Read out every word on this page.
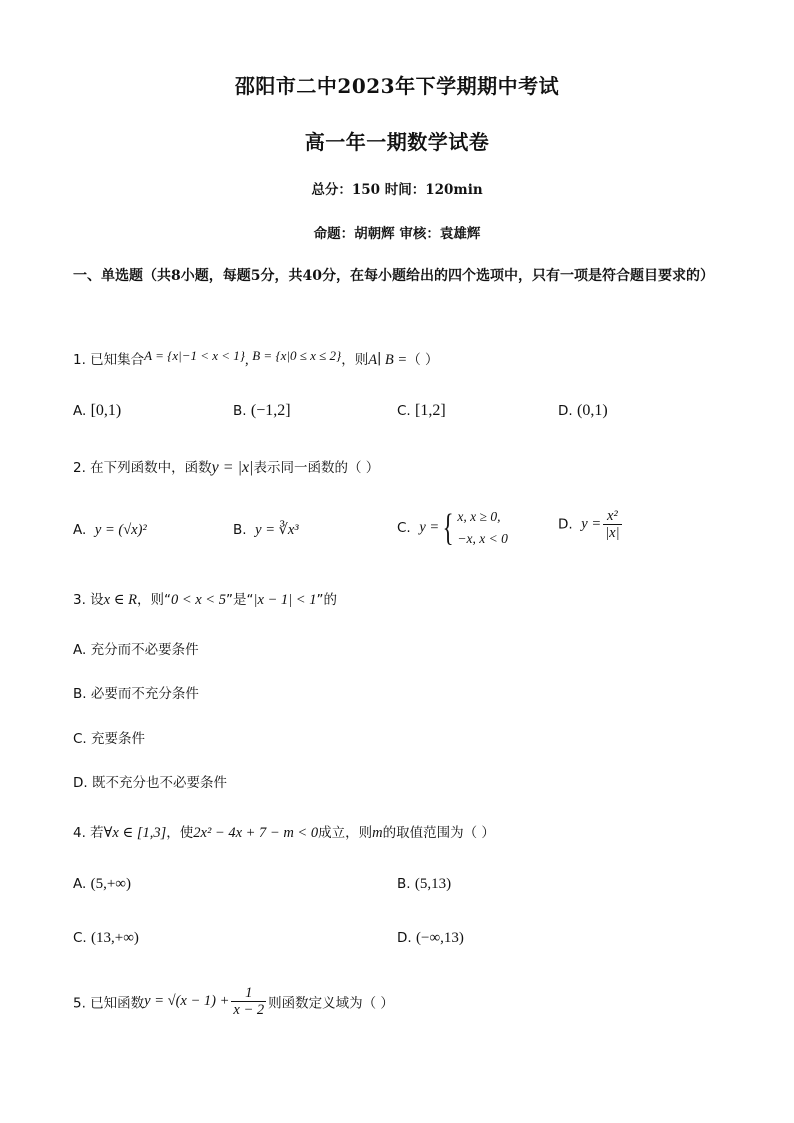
邵阳市二中2023年下学期期中考试
高一年一期数学试卷
总分：150 时间：120min
命题：胡朝辉 审核：袁雄辉
一、单选题（共8小题，每题5分，共40分，在每小题给出的四个选项中，只有一项是符合题目要求的）
1. 已知集合A = {x|−1 < x < 1}, B = {x|0 ≤ x ≤ 2}，则A∣ B =（ ）
A. [0,1)	B. (−1,2]	C. [1,2]	D. (0,1)
2. 在下列函数中，函数y = |x|表示同一函数的（ ）
A. y = (√x)²	B. y = ∛x³	C. y ={ x, x ≥ 0,
−x, x < 0
D. $y = \frac{\text{x²}}{|x|}$
3. 设x ∈ R，则“0 < x < 5”是“|x − 1| < 1”的
A. 充分而不必要条件
B. 必要而不充分条件
C. 充要条件
D. 既不充分也不必要条件
4. 若∀x ∈ [1,3]，使2x² − 4x + 7 − m < 0成立，则m的取值范围为（ ）
A. (5,+∞)	B. (5,13)
C. (13,+∞)	D. (−∞,13)
5. 已知函数$y = √(x - 1) + \frac{1}{x - 2}$ 则函数定义域为（ ）
